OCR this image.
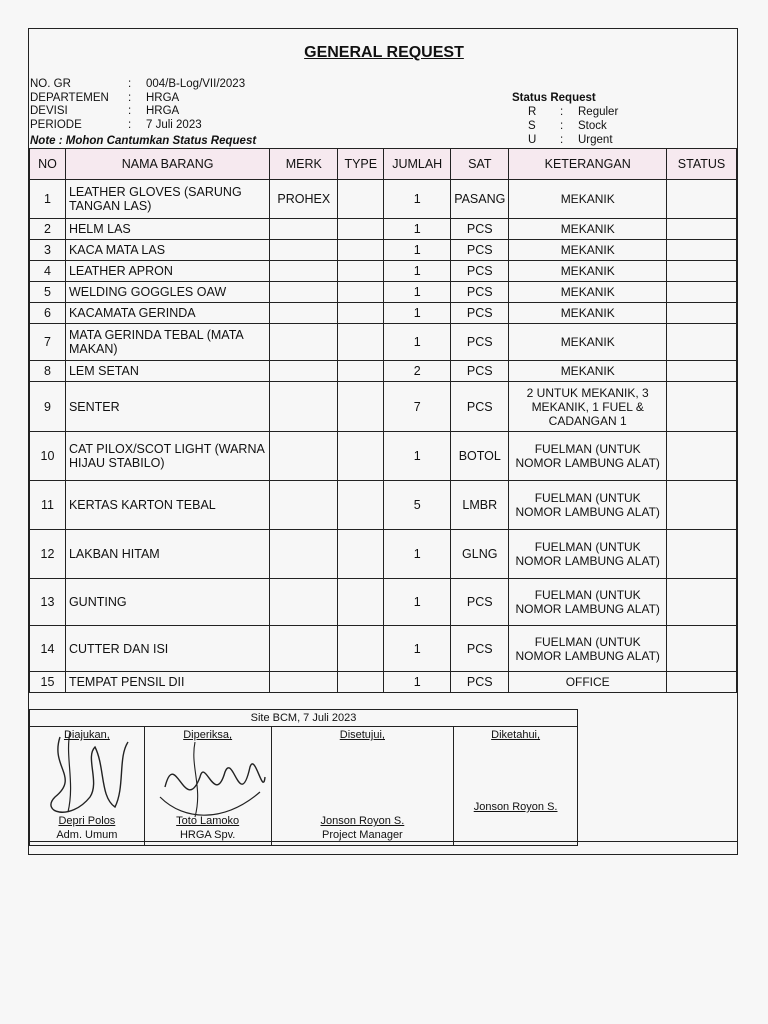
GENERAL REQUEST
NO. GR	: 004/B-Log/VII/2023
DEPARTEMEN : HRGA
DEVISI	: HRGA
PERIODE	: 7 Juli 2023
Status Request
R : Reguler
S : Stock
U : Urgent
Note : Mohon Cantumkan Status Request
NO	NAMA BARANG	MERK	TYPE	JUMLAH	SAT	KETERANGAN	STATUS
1	LEATHER GLOVES (SARUNG TANGAN LAS)	PROHEX		1	PASANG	MEKANIK	
2	HELM LAS			1	PCS	MEKANIK	
3	KACA MATA LAS			1	PCS	MEKANIK	
4	LEATHER APRON			1	PCS	MEKANIK	
5	WELDING GOGGLES OAW			1	PCS	MEKANIK	
6	KACAMATA GERINDA			1	PCS	MEKANIK	
7	MATA GERINDA TEBAL (MATA MAKAN)			1	PCS	MEKANIK	
8	LEM SETAN			2	PCS	MEKANIK	
9	SENTER			7	PCS	2 UNTUK MEKANIK, 3 MEKANIK, 1 FUEL & CADANGAN 1	
10	CAT PILOX/SCOT LIGHT (WARNA HIJAU STABILO)			1	BOTOL	FUELMAN (UNTUK NOMOR LAMBUNG ALAT)	
11	KERTAS KARTON TEBAL			5	LMBR	FUELMAN (UNTUK NOMOR LAMBUNG ALAT)	
12	LAKBAN HITAM			1	GLNG	FUELMAN (UNTUK NOMOR LAMBUNG ALAT)	
13	GUNTING			1	PCS	FUELMAN (UNTUK NOMOR LAMBUNG ALAT)	
14	CUTTER DAN ISI			1	PCS	FUELMAN (UNTUK NOMOR LAMBUNG ALAT)	
15	TEMPAT PENSIL DII			1	PCS	OFFICE	
Site BCM, 7 Juli 2023

Diajukan,
Depri Polos
Adm. Umum

Diperiksa,
Toto Lamoko
HRGA Spv.

Disetujui,
Jonson Royon S.
Project Manager

Diketahui,
Jonson Royon S.
